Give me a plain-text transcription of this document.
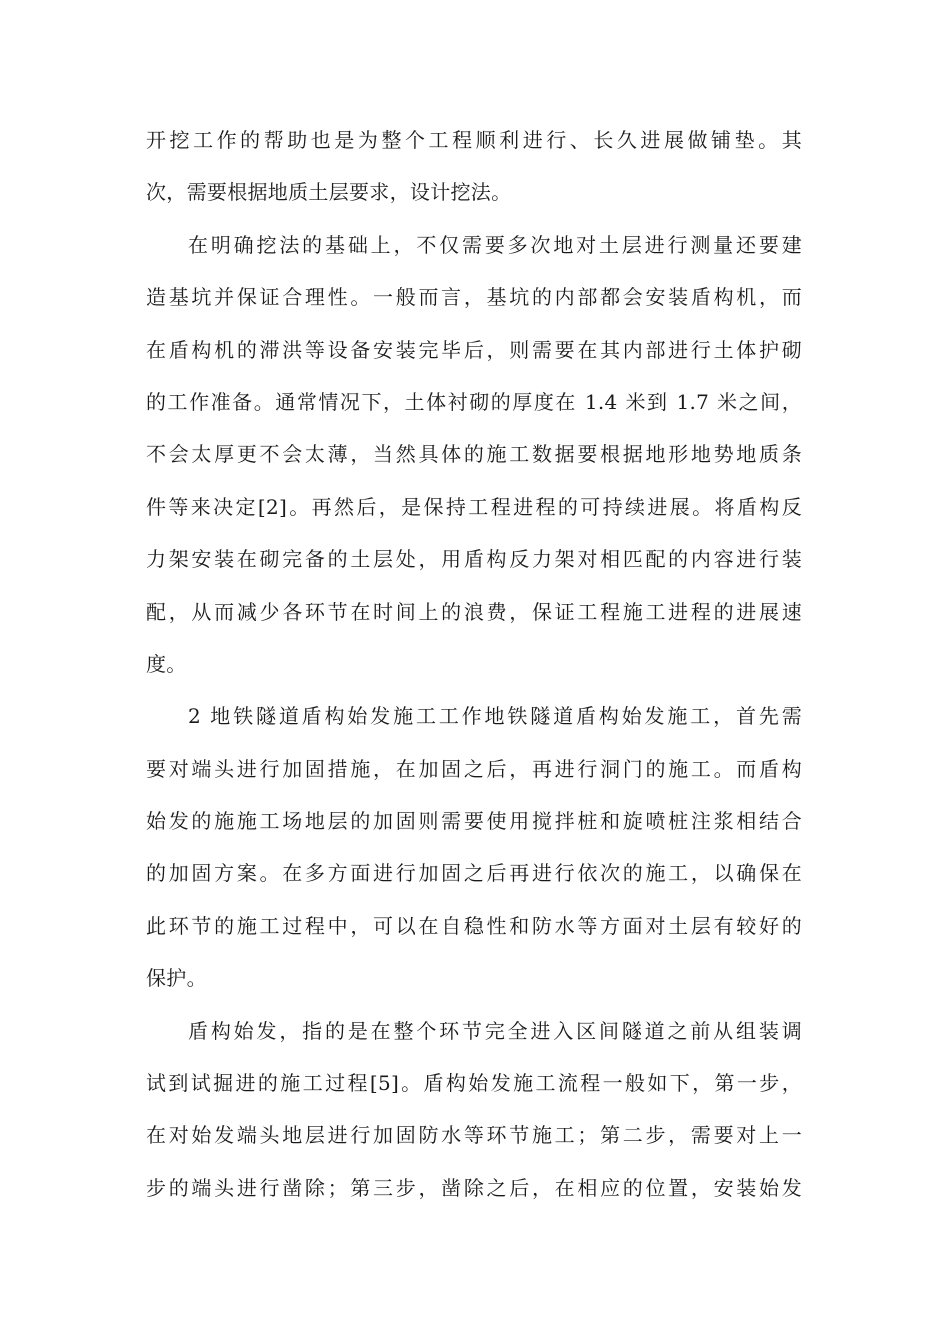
开挖工作的帮助也是为整个工程顺利进行、长久进展做铺垫。其
次，需要根据地质土层要求，设计挖法。
在明确挖法的基础上，不仅需要多次地对土层进行测量还要建
造基坑并保证合理性。一般而言，基坑的内部都会安装盾构机，而
在盾构机的滞洪等设备安装完毕后，则需要在其内部进行土体护砌
的工作准备。通常情况下，土体衬砌的厚度在 1.4 米到 1.7 米之间，
不会太厚更不会太薄，当然具体的施工数据要根据地形地势地质条
件等来决定[2]。再然后，是保持工程进程的可持续进展。将盾构反
力架安装在砌完备的土层处，用盾构反力架对相匹配的内容进行装
配，从而减少各环节在时间上的浪费，保证工程施工进程的进展速
度。
2 地铁隧道盾构始发施工工作地铁隧道盾构始发施工，首先需
要对端头进行加固措施，在加固之后，再进行洞门的施工。而盾构
始发的施施工场地层的加固则需要使用搅拌桩和旋喷桩注浆相结合
的加固方案。在多方面进行加固之后再进行依次的施工，以确保在
此环节的施工过程中，可以在自稳性和防水等方面对土层有较好的
保护。
盾构始发，指的是在整个环节完全进入区间隧道之前从组装调
试到试掘进的施工过程[5]。盾构始发施工流程一般如下，第一步，
在对始发端头地层进行加固防水等环节施工；第二步，需要对上一
步的端头进行凿除；第三步，凿除之后，在相应的位置，安装始发
